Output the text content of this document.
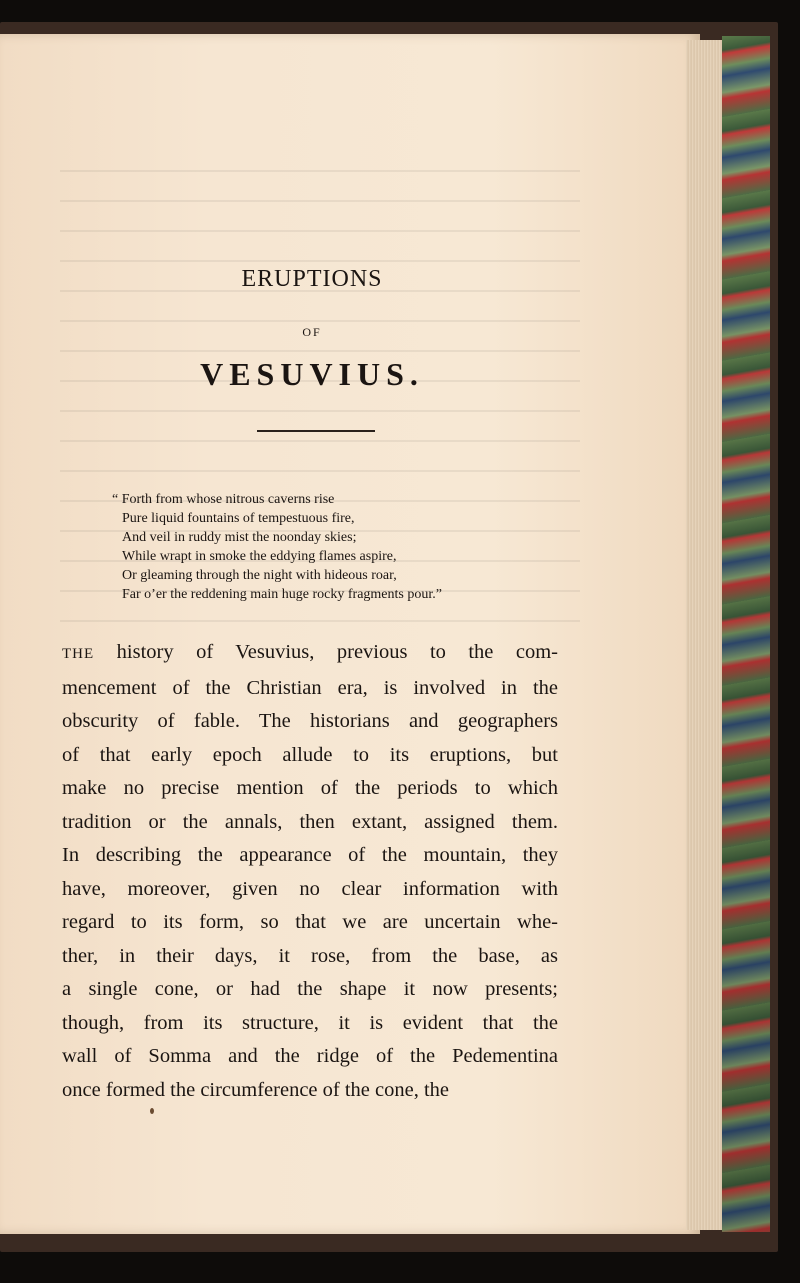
ERUPTIONS
OF
VESUVIUS.
“ Forth from whose nitrous caverns rise
Pure liquid fountains of tempestuous fire,
And veil in ruddy mist the noonday skies;
While wrapt in smoke the eddying flames aspire,
Or gleaming through the night with hideous roar,
Far o’er the reddening main huge rocky fragments pour.”
THE history of Vesuvius, previous to the com-
mencement of the Christian era, is involved in the
obscurity of fable. The historians and geographers
of that early epoch allude to its eruptions, but
make no precise mention of the periods to which
tradition or the annals, then extant, assigned them.
In describing the appearance of the mountain, they
have, moreover, given no clear information with
regard to its form, so that we are uncertain whe-
ther, in their days, it rose, from the base, as
a single cone, or had the shape it now presents;
though, from its structure, it is evident that the
wall of Somma and the ridge of the Pedementina
once formed the circumference of the cone, the
